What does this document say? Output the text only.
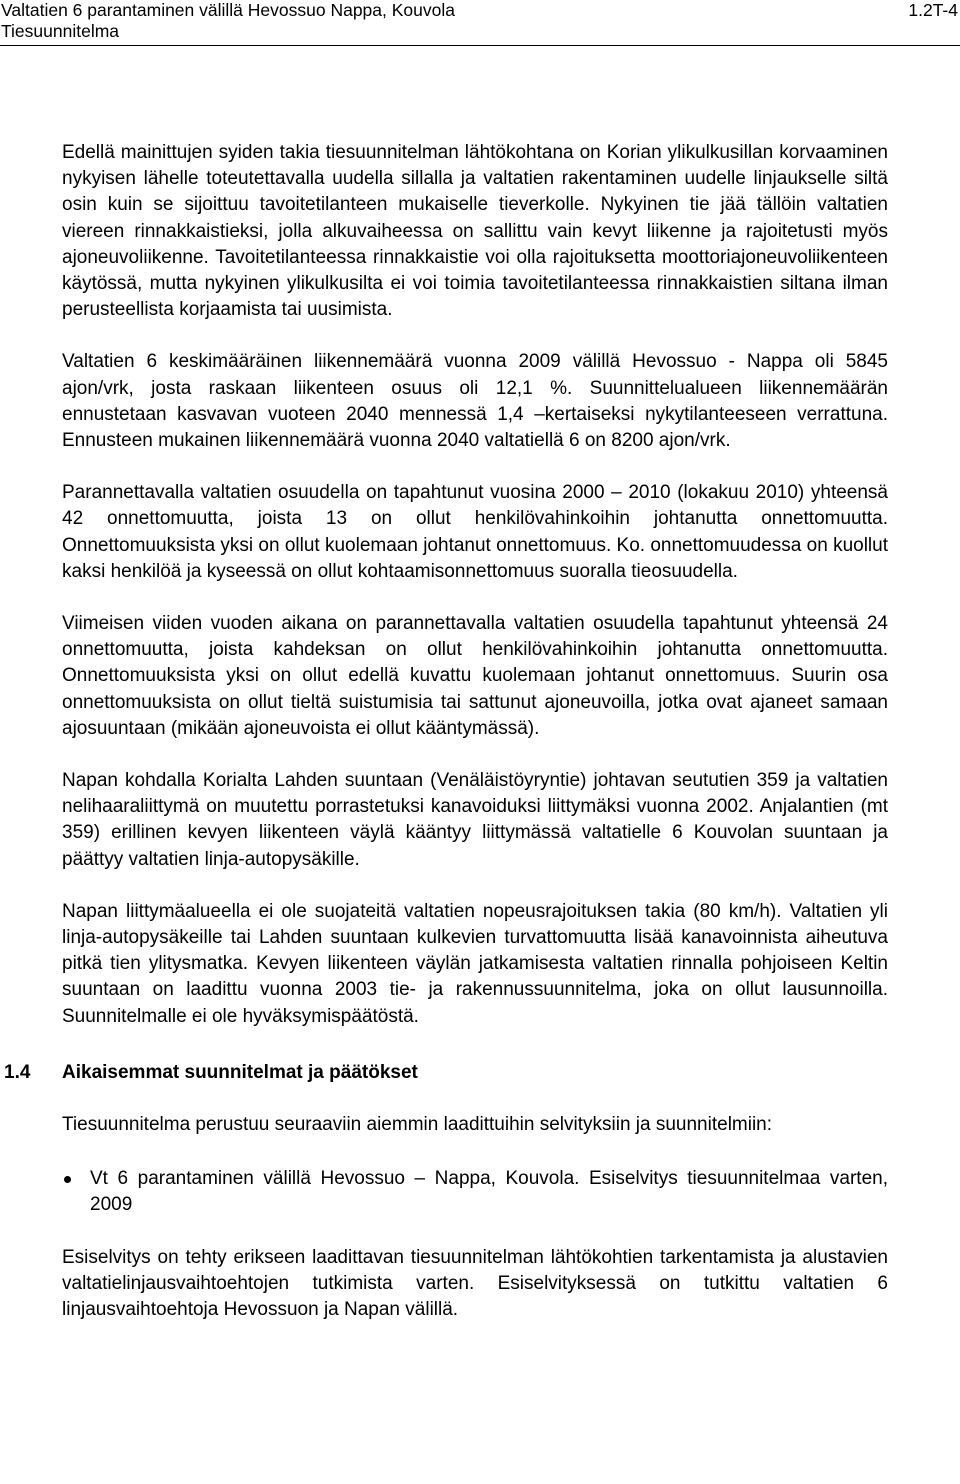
Valtatien 6 parantaminen välillä Hevossuo Nappa, Kouvola	1.2T-4
Tiesuunnitelma

Edellä mainittujen syiden takia tiesuunnitelman lähtökohtana on Korian ylikulkusillan korvaaminen nykyisen lähelle toteutettavalla uudella sillalla ja valtatien rakentaminen uudelle linjaukselle siltä osin kuin se sijoittuu tavoitetilanteen mukaiselle tieverkolle. Nykyinen tie jää tällöin valtatien viereen rinnakkaistieksi, jolla alkuvaiheessa on sallittu vain kevyt liikenne ja rajoitetusti myös ajoneuvoliikenne. Tavoitetilanteessa rinnakkaistie voi olla rajoituksetta moottoriajoneuvoliikenteen käytössä, mutta nykyinen ylikulkusilta ei voi toimia tavoitetilanteessa rinnakkaistien siltana ilman perusteellista korjaamista tai uusimista.

Valtatien 6 keskimääräinen liikennemäärä vuonna 2009 välillä Hevossuo - Nappa oli 5845 ajon/vrk, josta raskaan liikenteen osuus oli 12,1 %. Suunnittelualueen liikennemäärän ennustetaan kasvavan vuoteen 2040 mennessä 1,4 –kertaiseksi nykytilanteeseen verrattuna. Ennusteen mukainen liikennemäärä vuonna 2040 valtatiellä 6 on 8200 ajon/vrk.

Parannettavalla valtatien osuudella on tapahtunut vuosina 2000 – 2010 (lokakuu 2010) yhteensä 42 onnettomuutta, joista 13 on ollut henkilövahinkoihin johtanutta onnettomuutta. Onnettomuuksista yksi on ollut kuolemaan johtanut onnettomuus. Ko. onnettomuudessa on kuollut kaksi henkilöä ja kyseessä on ollut kohtaamisonnettomuus suoralla tieosuudella.

Viimeisen viiden vuoden aikana on parannettavalla valtatien osuudella tapahtunut yhteensä 24 onnettomuutta, joista kahdeksan on ollut henkilövahinkoihin johtanutta onnettomuutta. Onnettomuuksista yksi on ollut edellä kuvattu kuolemaan johtanut onnettomuus. Suurin osa onnettomuuksista on ollut tieltä suistumisia tai sattunut ajoneuvoilla, jotka ovat ajaneet samaan ajosuuntaan (mikään ajoneuvoista ei ollut kääntymässä).

Napan kohdalla Korialta Lahden suuntaan (Venäläistöyryntie) johtavan seututien 359 ja valtatien nelihaaraliittymä on muutettu porrastetuksi kanavoiduksi liittymäksi vuonna 2002. Anjalantien (mt 359) erillinen kevyen liikenteen väylä kääntyy liittymässä valtatielle 6 Kouvolan suuntaan ja päättyy valtatien linja-autopysäkille.

Napan liittymäalueella ei ole suojateitä valtatien nopeusrajoituksen takia (80 km/h). Valtatien yli linja-autopysäkeille tai Lahden suuntaan kulkevien turvattomuutta lisää kanavoinnista aiheutuva pitkä tien ylitysmatka. Kevyen liikenteen väylän jatkamisesta valtatien rinnalla pohjoiseen Keltin suuntaan on laadittu vuonna 2003 tie- ja rakennussuunnitelma, joka on ollut lausunnoilla. Suunnitelmalle ei ole hyväksymispäätöstä.

1.4 Aikaisemmat suunnitelmat ja päätökset

Tiesuunnitelma perustuu seuraaviin aiemmin laadittuihin selvityksiin ja suunnitelmiin:

Vt 6 parantaminen välillä Hevossuo – Nappa, Kouvola. Esiselvitys tiesuunnitelmaa varten, 2009

Esiselvitys on tehty erikseen laadittavan tiesuunnitelman lähtökohtien tarkentamista ja alustavien valtatielinjausvaihtoehtojen tutkimista varten. Esiselvityksessä on tutkittu valtatien 6 linjausvaihtoehtoja Hevossuon ja Napan välillä.
